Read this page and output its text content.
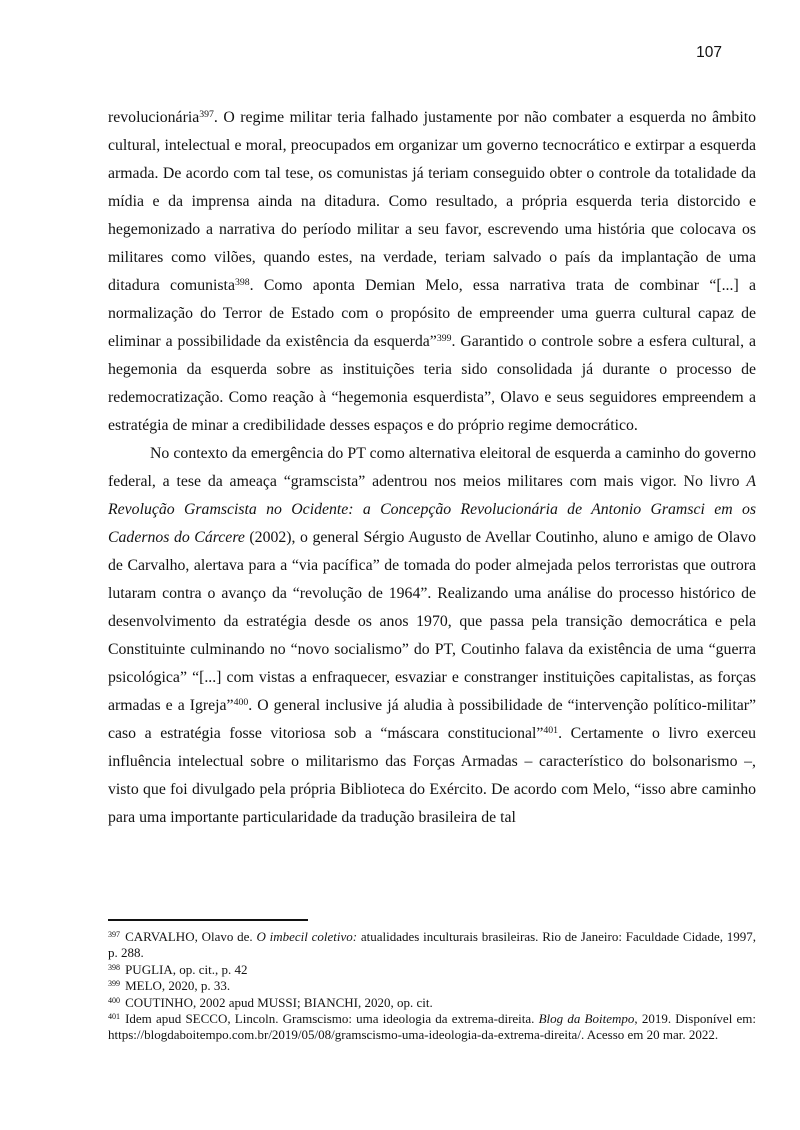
107

revolucionária$^{397}$. O regime militar teria falhado justamente por não combater a esquerda no âmbito cultural, intelectual e moral, preocupados em organizar um governo tecnocrático e extirpar a esquerda armada. De acordo com tal tese, os comunistas já teriam conseguido obter o controle da totalidade da mídia e da imprensa ainda na ditadura. Como resultado, a própria esquerda teria distorcido e hegemonizado a narrativa do período militar a seu favor, escrevendo uma história que colocava os militares como vilões, quando estes, na verdade, teriam salvado o país da implantação de uma ditadura comunista$^{398}$. Como aponta Demian Melo, essa narrativa trata de combinar “[...] a normalização do Terror de Estado com o propósito de empreender uma guerra cultural capaz de eliminar a possibilidade da existência da esquerda”$^{399}$. Garantido o controle sobre a esfera cultural, a hegemonia da esquerda sobre as instituições teria sido consolidada já durante o processo de redemocratização. Como reação à “hegemonia esquerdista”, Olavo e seus seguidores empreendem a estratégia de minar a credibilidade desses espaços e do próprio regime democrático.

No contexto da emergência do PT como alternativa eleitoral de esquerda a caminho do governo federal, a tese da ameaça “gramscista” adentrou nos meios militares com mais vigor. No livro A Revolução Gramscista no Ocidente: a Concepção Revolucionária de Antonio Gramsci em os Cadernos do Cárcere (2002), o general Sérgio Augusto de Avellar Coutinho, aluno e amigo de Olavo de Carvalho, alertava para a “via pacífica” de tomada do poder almejada pelos terroristas que outrora lutaram contra o avanço da “revolução de 1964”. Realizando uma análise do processo histórico de desenvolvimento da estratégia desde os anos 1970, que passa pela transição democrática e pela Constituinte culminando no “novo socialismo” do PT, Coutinho falava da existência de uma “guerra psicológica” “[...] com vistas a enfraquecer, esvaziar e constranger instituições capitalistas, as forças armadas e a Igreja”$^{400}$. O general inclusive já aludia à possibilidade de “intervenção político-militar” caso a estratégia fosse vitoriosa sob a “máscara constitucional”$^{401}$. Certamente o livro exerceu influência intelectual sobre o militarismo das Forças Armadas – característico do bolsonarismo –, visto que foi divulgado pela própria Biblioteca do Exército. De acordo com Melo, “isso abre caminho para uma importante particularidade da tradução brasileira de tal

$^{397}$ CARVALHO, Olavo de. O imbecil coletivo: atualidades inculturais brasileiras. Rio de Janeiro: Faculdade Cidade, 1997, p. 288.

$^{398}$ PUGLIA, op. cit., p. 42

$^{399}$ MELO, 2020, p. 33.

$^{400}$ COUTINHO, 2002 apud MUSSI; BIANCHI, 2020, op. cit.

$^{401}$ Idem apud SECCO, Lincoln. Gramscismo: uma ideologia da extrema-direita. Blog da Boitempo, 2019. Disponível em: https://blogdaboitempo.com.br/2019/05/08/gramscismo-uma-ideologia-da-extrema-direita/. Acesso em 20 mar. 2022.
